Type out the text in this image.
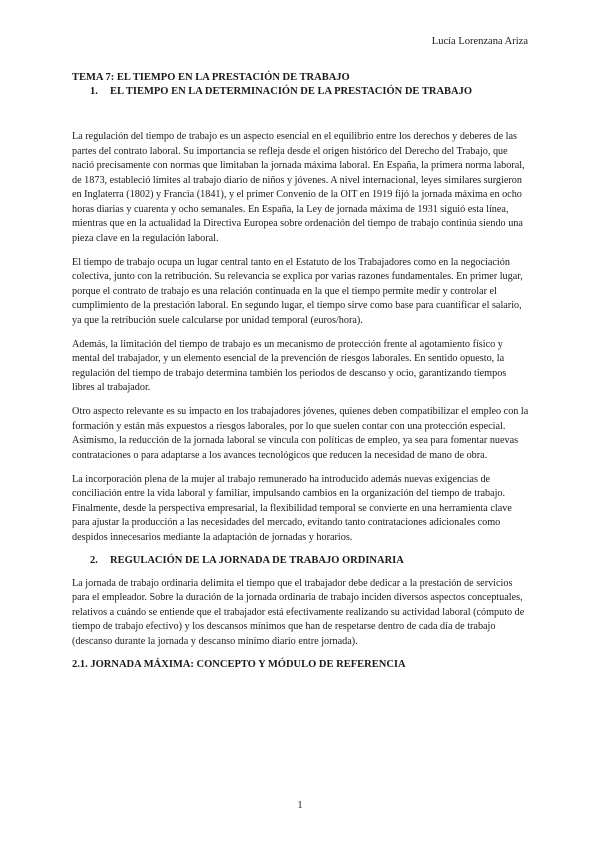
Lucía Lorenzana Ariza
TEMA 7: EL TIEMPO EN LA PRESTACIÓN DE TRABAJO
1. EL TIEMPO EN LA DETERMINACIÓN DE LA PRESTACIÓN DE TRABAJO

La regulación del tiempo de trabajo es un aspecto esencial en el equilibrio entre los derechos y deberes de las partes del contrato laboral. Su importancia se refleja desde el origen histórico del Derecho del Trabajo, que nació precisamente con normas que limitaban la jornada máxima laboral. En España, la primera norma laboral, de 1873, estableció límites al trabajo diario de niños y jóvenes. A nivel internacional, leyes similares surgieron en Inglaterra (1802) y Francia (1841), y el primer Convenio de la OIT en 1919 fijó la jornada máxima en ocho horas diarias y cuarenta y ocho semanales. En España, la Ley de jornada máxima de 1931 siguió esta línea, mientras que en la actualidad la Directiva Europea sobre ordenación del tiempo de trabajo continúa siendo una pieza clave en la regulación laboral.

El tiempo de trabajo ocupa un lugar central tanto en el Estatuto de los Trabajadores como en la negociación colectiva, junto con la retribución. Su relevancia se explica por varias razones fundamentales. En primer lugar, porque el contrato de trabajo es una relación continuada en la que el tiempo permite medir y controlar el cumplimiento de la prestación laboral. En segundo lugar, el tiempo sirve como base para cuantificar el salario, ya que la retribución suele calcularse por unidad temporal (euros/hora).

Además, la limitación del tiempo de trabajo es un mecanismo de protección frente al agotamiento físico y mental del trabajador, y un elemento esencial de la prevención de riesgos laborales. En sentido opuesto, la regulación del tiempo de trabajo determina también los periodos de descanso y ocio, garantizando tiempos libres al trabajador.

Otro aspecto relevante es su impacto en los trabajadores jóvenes, quienes deben compatibilizar el empleo con la formación y están más expuestos a riesgos laborales, por lo que suelen contar con una protección especial. Asimismo, la reducción de la jornada laboral se vincula con políticas de empleo, ya sea para fomentar nuevas contrataciones o para adaptarse a los avances tecnológicos que reducen la necesidad de mano de obra.

La incorporación plena de la mujer al trabajo remunerado ha introducido además nuevas exigencias de conciliación entre la vida laboral y familiar, impulsando cambios en la organización del tiempo de trabajo. Finalmente, desde la perspectiva empresarial, la flexibilidad temporal se convierte en una herramienta clave para ajustar la producción a las necesidades del mercado, evitando tanto contrataciones adicionales como despidos innecesarios mediante la adaptación de jornadas y horarios.

2. REGULACIÓN DE LA JORNADA DE TRABAJO ORDINARIA

La jornada de trabajo ordinaria delimita el tiempo que el trabajador debe dedicar a la prestación de servicios para el empleador. Sobre la duración de la jornada ordinaria de trabajo inciden diversos aspectos conceptuales, relativos a cuándo se entiende que el trabajador está efectivamente realizando su actividad laboral (cómputo de tiempo de trabajo efectivo) y los descansos mínimos que han de respetarse dentro de cada día de trabajo (descanso durante la jornada y descanso mínimo diario entre jornada).

2.1. JORNADA MÁXIMA: CONCEPTO Y MÓDULO DE REFERENCIA
1
